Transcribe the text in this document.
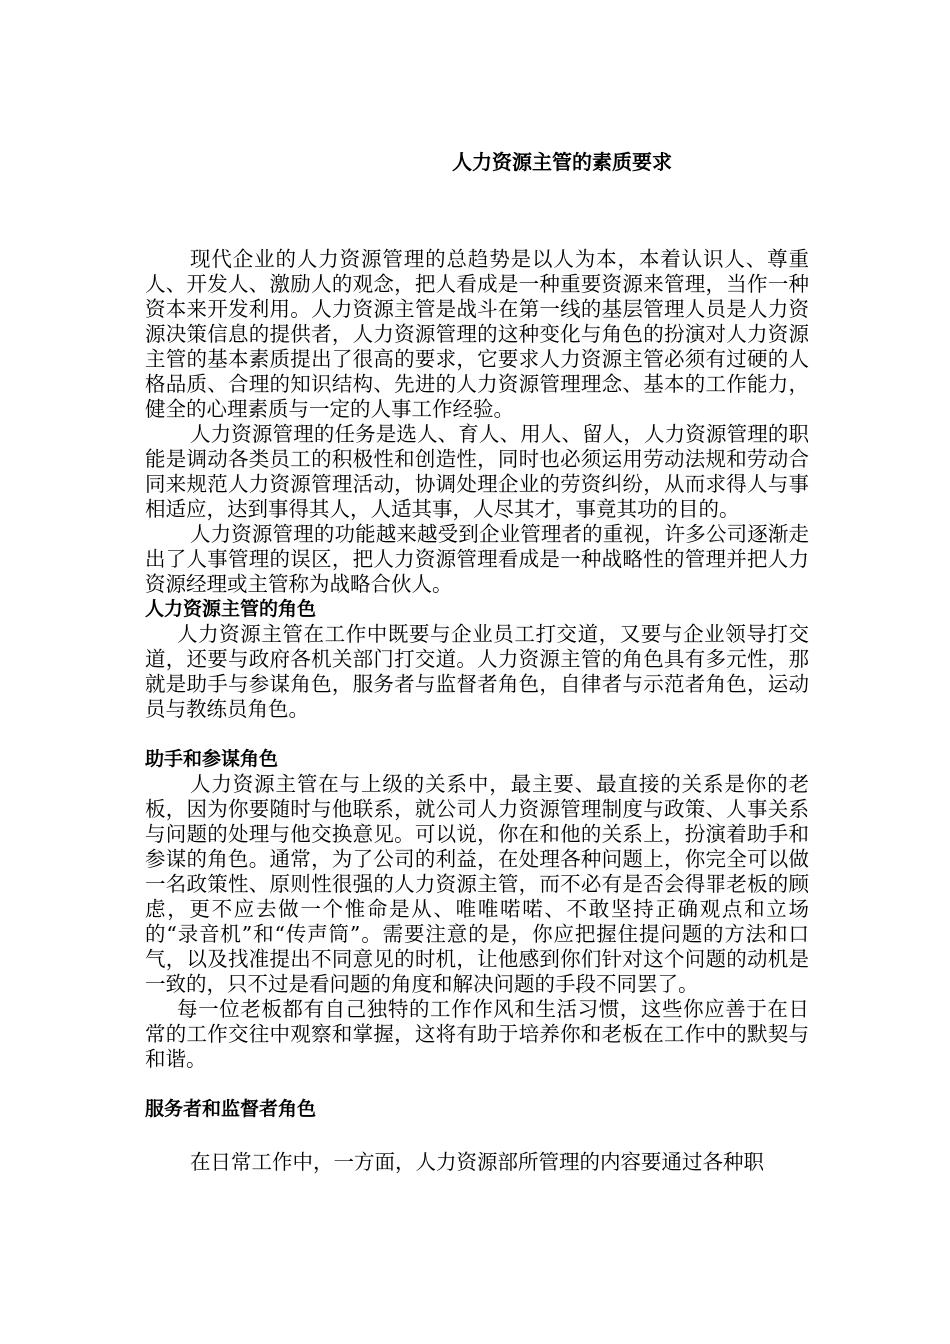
人力资源主管的素质要求

现代企业的人力资源管理的总趋势是以人为本，本着认识人、尊重人、开发人、激励人的观念，把人看成是一种重要资源来管理，当作一种资本来开发利用。人力资源主管是战斗在第一线的基层管理人员是人力资源决策信息的提供者，人力资源管理的这种变化与角色的扮演对人力资源主管的基本素质提出了很高的要求，它要求人力资源主管必须有过硬的人格品质、合理的知识结构、先进的人力资源管理理念、基本的工作能力，健全的心理素质与一定的人事工作经验。

人力资源管理的任务是选人、育人、用人、留人，人力资源管理的职能是调动各类员工的积极性和创造性，同时也必须运用劳动法规和劳动合同来规范人力资源管理活动，协调处理企业的劳资纠纷，从而求得人与事相适应，达到事得其人，人适其事，人尽其才，事竟其功的目的。

人力资源管理的功能越来越受到企业管理者的重视，许多公司逐渐走出了人事管理的误区，把人力资源管理看成是一种战略性的管理并把人力资源经理或主管称为战略合伙人。

人力资源主管的角色

人力资源主管在工作中既要与企业员工打交道，又要与企业领导打交道，还要与政府各机关部门打交道。人力资源主管的角色具有多元性，那就是助手与参谋角色，服务者与监督者角色，自律者与示范者角色，运动员与教练员角色。

助手和参谋角色

人力资源主管在与上级的关系中，最主要、最直接的关系是你的老板，因为你要随时与他联系，就公司人力资源管理制度与政策、人事关系与问题的处理与他交换意见。可以说，你在和他的关系上，扮演着助手和参谋的角色。通常，为了公司的利益，在处理各种问题上，你完全可以做一名政策性、原则性很强的人力资源主管，而不必有是否会得罪老板的顾虑，更不应去做一个惟命是从、唯唯喏喏、不敢坚持正确观点和立场的“录音机”和“传声筒”。需要注意的是，你应把握住提问题的方法和口气，以及找准提出不同意见的时机，让他感到你们针对这个问题的动机是一致的，只不过是看问题的角度和解决问题的手段不同罢了。

每一位老板都有自己独特的工作作风和生活习惯，这些你应善于在日常的工作交往中观察和掌握，这将有助于培养你和老板在工作中的默契与和谐。

服务者和监督者角色

在日常工作中，一方面，人力资源部所管理的内容要通过各种职
